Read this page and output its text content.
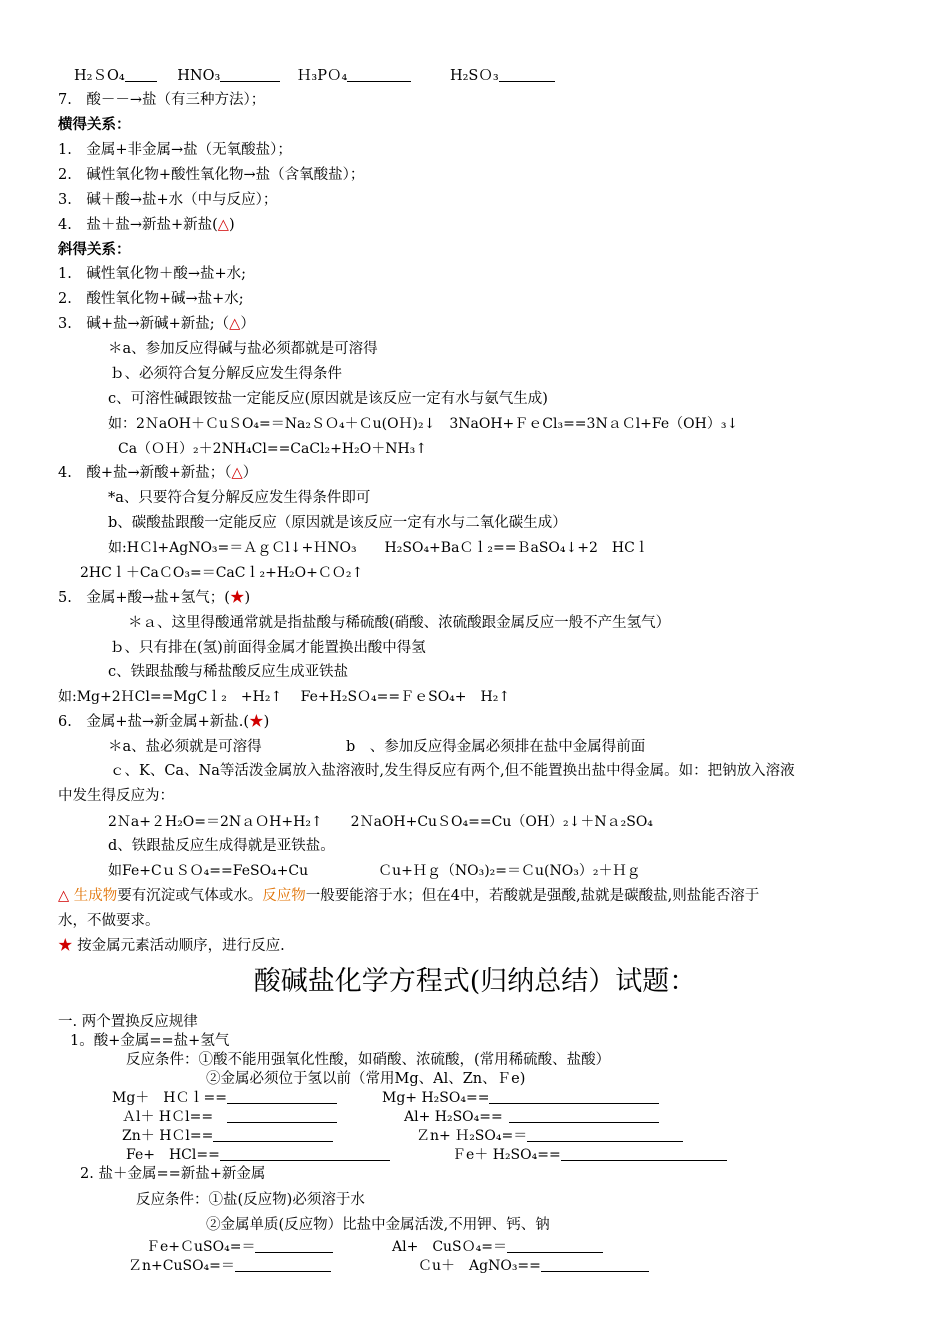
H₂ＳO₄	HNO₃	Ｈ₃PＯ₄	H₂SＯ₃
7.　酸－－→盐（有三种方法）；
横得关系：
1.　金属+非金属→盐（无氧酸盐）；
2.　碱性氧化物+酸性氧化物→盐（含氧酸盐）；
3.　碱＋酸→盐+水（中与反应）；
4.　盐＋盐→新盐+新盐(△)
斜得关系：
1.　碱性氧化物＋酸→盐+水;
2.　酸性氧化物+碱→盐+水;
3.　碱+盐→新碱+新盐;（△）
＊a、参加反应得碱与盐必须都就是可溶得
ｂ、必须符合复分解反应发生得条件
c、可溶性碱跟铵盐一定能反应(原因就是该反应一定有水与氨气生成)
如：2ＮaOH＋ＣuＳO₄=＝Na₂ＳＯ₄＋Ｃu(OＨ)₂↓　3NaOH+ＦｅCl₃==3NａＣl+Fe（OH）₃↓
Ca（ＯＨ）₂＋2NH₄Cl==CaCl₂+H₂O＋NH₃↑
4.　酸+盐→新酸+新盐；（△）
*a、只要符合复分解反应发生得条件即可
b、碳酸盐跟酸一定能反应（原因就是该反应一定有水与二氧化碳生成）
如:HＣl+AgNO₃=＝ＡｇＣl↓+ＨNO₃　　H₂SO₄+BaＣｌ₂==ＢaSO₄↓+2　HCｌ
2HCｌ＋CaＣO₃=＝CaCｌ₂+H₂O+ＣＯ₂↑
5.　金属+酸→盐+氢气；(★)
＊ａ、这里得酸通常就是指盐酸与稀硫酸(硝酸、浓硫酸跟金属反应一般不产生氢气）
ｂ、只有排在(氢)前面得金属才能置换出酸中得氢
c、铁跟盐酸与稀盐酸反应生成亚铁盐
如:Mg+2ＨCl==MgCｌ₂　+H₂↑　 Fe+H₂SＯ₄==ＦｅSO₄+　H₂↑
6.　金属+盐→新金属+新盐.(★)
＊a、盐必须就是可溶得	b　、参加反应得金属必须排在盐中金属得前面
ｃ、K、Ca、Na等活泼金属放入盐溶液时,发生得反应有两个,但不能置换出盐中得金属。如：把钠放入溶液
中发生得反应为：
2Ｎa+２H₂O=＝2NａＯH+H₂↑　　2ＮaOH+CuＳO₄==Cu（OH）₂↓＋Nａ₂SO₄
d、铁跟盐反应生成得就是亚铁盐。
如Fe+CｕＳＯ₄==FeSO₄+Cu　　　　　Ｃu+Ｈｇ（NO₃)₂=＝Ｃu(NO₃）₂＋Ｈｇ
△ 生成物要有沉淀或气体或水。反应物一般要能溶于水；但在4中，若酸就是强酸,盐就是碳酸盐,则盐能否溶于
水，不做要求。
★ 按金属元素活动顺序，进行反应.
酸碱盐化学方程式(归纳总结）试题：
一. 两个置换反应规律
1。酸+金属==盐+氢气
反应条件：①酸不能用强氧化性酸，如硝酸、浓硫酸，(常用稀硫酸、盐酸）
②金属必须位于氢以前（常用Mg、Al、Zn、Ｆe)
Mg＋　HＣｌ==	Mg+ H₂SO₄==
Ａl＋ HＣl==	Al+ H₂SO₄==
Zn＋ HＣl==	Ｚn+ Ｈ₂SO₄=＝
Fe+　HCl==	Ｆe＋ H₂SO₄==
2. 盐＋金属==新盐+新金属
反应条件：①盐(反应物)必须溶于水
②金属单质(反应物）比盐中金属活泼,不用钾、钙、钠
Ｆe+ＣuSO₄=＝	Al+　CuSＯ₄=＝
Ｚn+CuSO₄=＝	Ｃu＋　AgNO₃==
